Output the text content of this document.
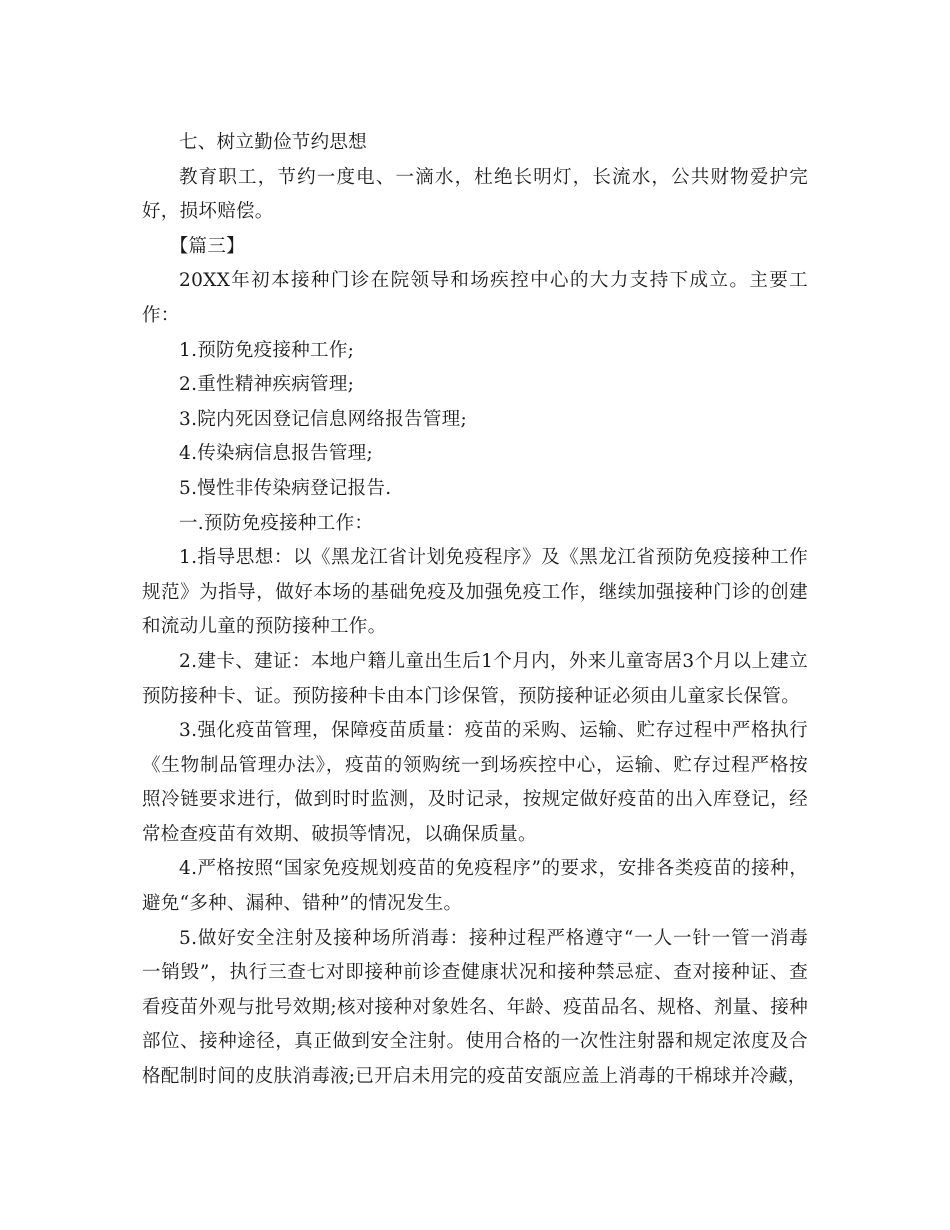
七、树立勤俭节约思想

教育职工，节约一度电、一滴水，杜绝长明灯，长流水，公共财物爱护完好，损坏赔偿。

【篇三】

20XX年初本接种门诊在院领导和场疾控中心的大力支持下成立。主要工作：

1.预防免疫接种工作;

2.重性精神疾病管理;

3.院内死因登记信息网络报告管理;

4.传染病信息报告管理;

5.慢性非传染病登记报告.

一.预防免疫接种工作：

1.指导思想：以《黑龙江省计划免疫程序》及《黑龙江省预防免疫接种工作规范》为指导，做好本场的基础免疫及加强免疫工作，继续加强接种门诊的创建和流动儿童的预防接种工作。

2.建卡、建证：本地户籍儿童出生后1个月内，外来儿童寄居3个月以上建立预防接种卡、证。预防接种卡由本门诊保管，预防接种证必须由儿童家长保管。

3.强化疫苗管理，保障疫苗质量：疫苗的采购、运输、贮存过程中严格执行《生物制品管理办法》，疫苗的领购统一到场疾控中心，运输、贮存过程严格按照冷链要求进行，做到时时监测，及时记录，按规定做好疫苗的出入库登记，经常检查疫苗有效期、破损等情况，以确保质量。

4.严格按照“国家免疫规划疫苗的免疫程序”的要求，安排各类疫苗的接种，避免“多种、漏种、错种”的情况发生。

5.做好安全注射及接种场所消毒：接种过程严格遵守“一人一针一管一消毒一销毁”，执行三查七对即接种前诊查健康状况和接种禁忌症、查对接种证、查看疫苗外观与批号效期;核对接种对象姓名、年龄、疫苗品名、规格、剂量、接种部位、接种途径，真正做到安全注射。使用合格的一次性注射器和规定浓度及合格配制时间的皮肤消毒液;已开启未用完的疫苗安瓿应盖上消毒的干棉球并冷藏，
